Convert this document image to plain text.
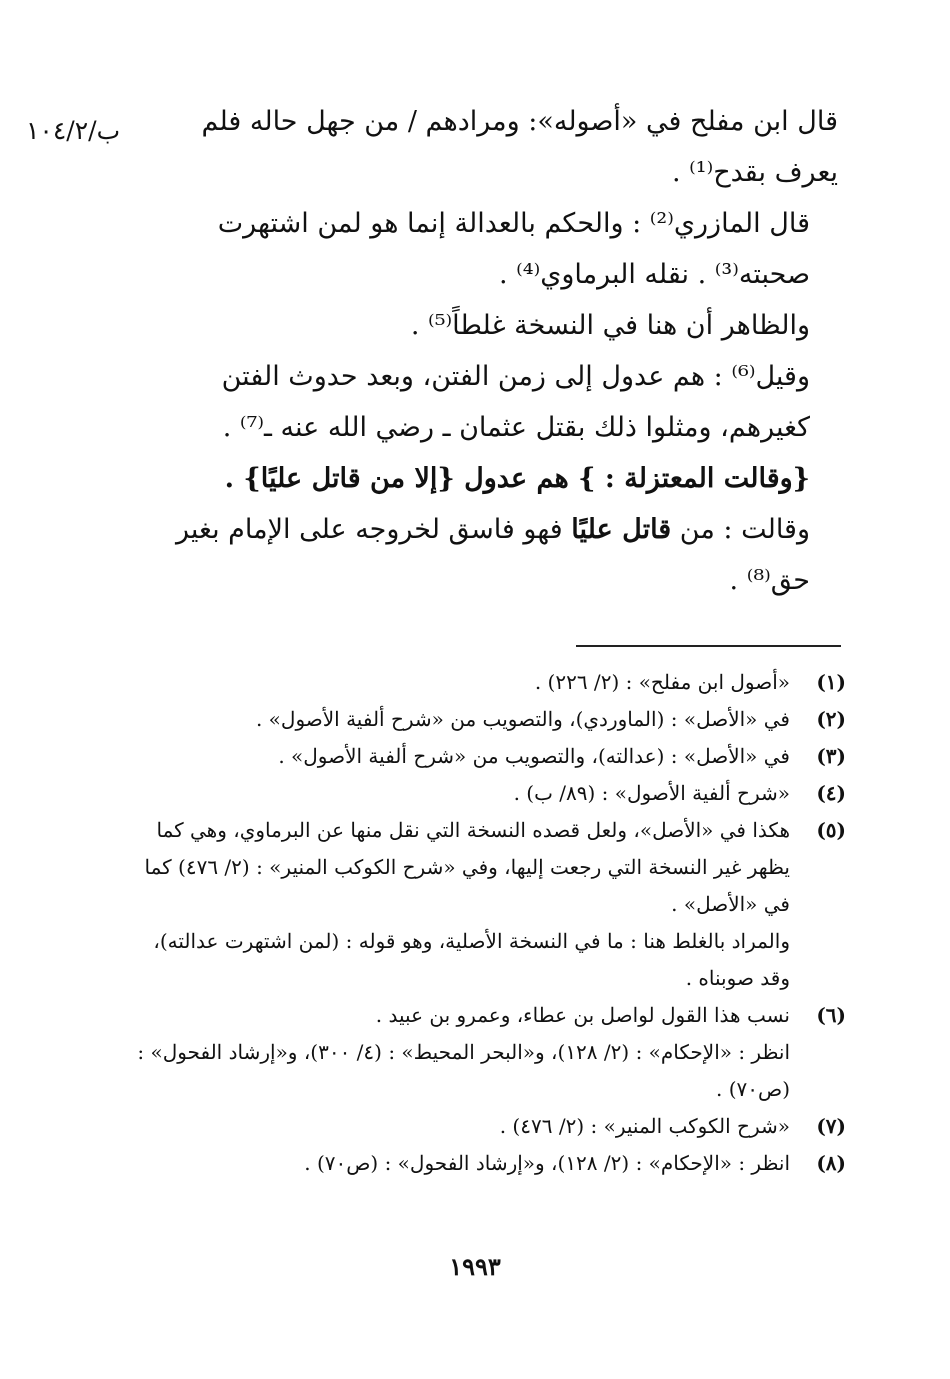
ب/١٠٤/٢	قال ابن مفلح في «أصوله»: ومرادهم / من جهل حاله فلم يعرف بقدح⁽¹⁾ .

قال المازري⁽²⁾ : والحكم بالعدالة إنما هو لمن اشتهرت صحبته⁽³⁾ . نقله البرماوي⁽⁴⁾ .

والظاهر أن هنا في النسخة غلطاً⁽⁵⁾ .

وقيل⁽⁶⁾ : هم عدول إلى زمن الفتن، وبعد حدوث الفتن كغيرهم، ومثلوا ذلك بقتل عثمان ـ رضي الله عنه ـ⁽⁷⁾ .

{وقالت المعتزلة : } هم عدول {إلا من قاتل عليًا} .

وقالت : من قاتل عليًا فهو فاسق لخروجه على الإمام بغير حق⁽⁸⁾ .

(١)

«أصول ابن مفلح» : (٢/ ٢٢٦) .

(٢)

في «الأصل» : (الماوردي)، والتصويب من «شرح ألفية الأصول» .

(٣)

في «الأصل» : (عدالته)، والتصويب من «شرح ألفية الأصول» .

(٤)

«شرح ألفية الأصول» : (٨٩/ ب) .

(٥)

هكذا في «الأصل»، ولعل قصده النسخة التي نقل منها عن البرماوي، وهي كما يظهر غير النسخة التي رجعت إليها، وفي «شرح الكوكب المنير» : (٢/ ٤٧٦) كما في «الأصل» .

والمراد بالغلط هنا : ما في النسخة الأصلية، وهو قوله : (لمن اشتهرت عدالته)، وقد صوبناه .

(٦)

نسب هذا القول لواصل بن عطاء، وعمرو بن عبيد .

انظر : «الإحكام» : (٢/ ١٢٨)، و«البحر المحيط» : (٤/ ٣٠٠)، و«إرشاد الفحول» : (ص٧٠) .

(٧)

«شرح الكوكب المنير» : (٢/ ٤٧٦) .

(٨)

انظر : «الإحكام» : (٢/ ١٢٨)، و«إرشاد الفحول» : (ص٧٠) .

١٩٩٣
